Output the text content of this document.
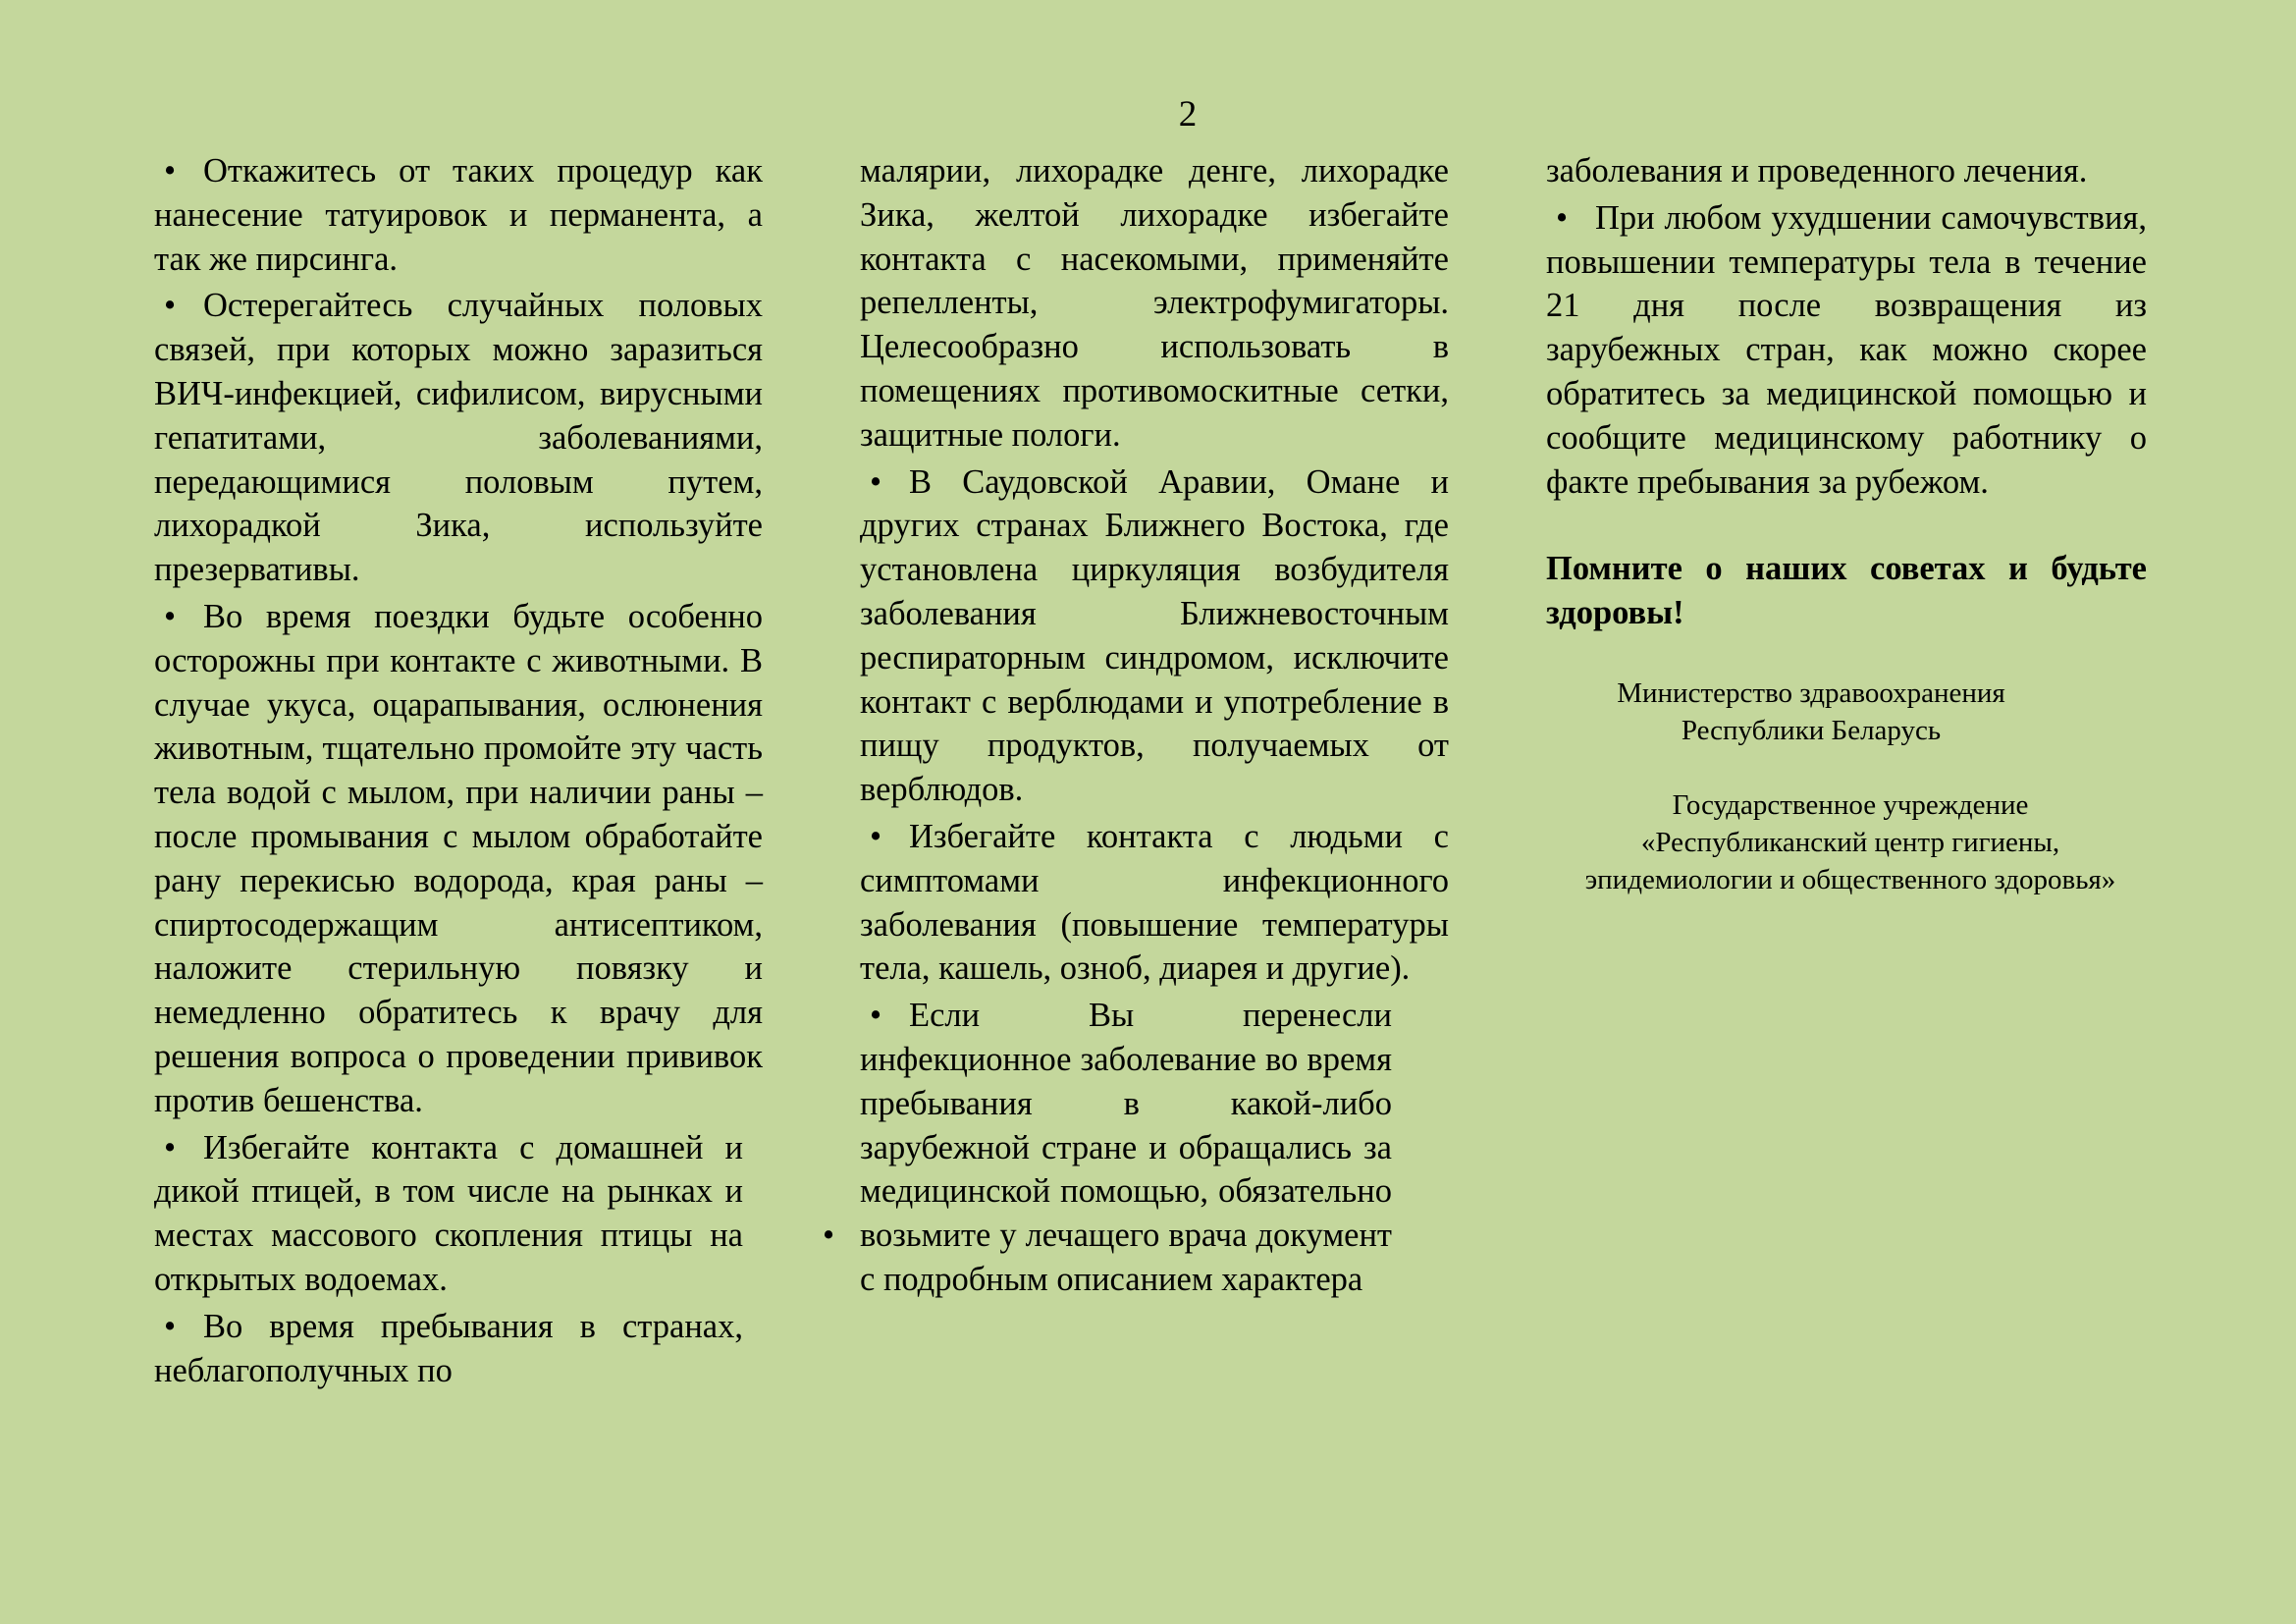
2

• Откажитесь от таких процедур как нанесение татуировок и перманента, а так же пирсинга.

• Остерегайтесь случайных половых связей, при которых можно заразиться ВИЧ-инфекцией, сифилисом, вирусными гепатитами, заболеваниями, передающимися половым путем, лихорадкой Зика, используйте презервативы.

• Во время поездки будьте особенно осторожны при контакте с животными. В случае укуса, оцарапывания, ослюнения животным, тщательно промойте эту часть тела водой с мылом, при наличии раны – после промывания с мылом обработайте рану перекисью водорода, края раны – спиртосодержащим антисептиком, наложите стерильную повязку и немедленно обратитесь к врачу для решения вопроса о проведении прививок против бешенства.

• Избегайте контакта с домашней и дикой птицей, в том числе на рынках и местах массового скопления птицы на открытых водоемах.

• Во время пребывания в странах, неблагополучных по

малярии, лихорадке денге, лихорадке Зика, желтой лихорадке избегайте контакта с насекомыми, применяйте репелленты, электрофумигаторы. Целесообразно использовать в помещениях противомоскитные сетки, защитные пологи.

• В Саудовской Аравии, Омане и других странах Ближнего Востока, где установлена циркуляция возбудителя заболевания Ближневосточным респираторным синдромом, исключите контакт с верблюдами и употребление в пищу продуктов, получаемых от верблюдов.

• Избегайте контакта с людьми с симптомами инфекционного заболевания (повышение температуры тела, кашель, озноб, диарея и другие).

• Если Вы перенесли инфекционное заболевание во время пребывания в какой-либо зарубежной стране и обращались за медицинской помощью, обязательно возьмите у лечащего врача документ с подробным описанием характера

•

заболевания и проведенного лечения.

• При любом ухудшении самочувствия, повышении температуры тела в течение 21 дня после возвращения из зарубежных стран, как можно скорее обратитесь за медицинской помощью и сообщите медицинскому работнику о факте пребывания за рубежом.

Помните о наших советах и будьте здоровы!

Министерство здравоохранения
Республики Беларусь
Государственное учреждение
«Республиканский центр гигиены,
эпидемиологии и общественного здоровья»
